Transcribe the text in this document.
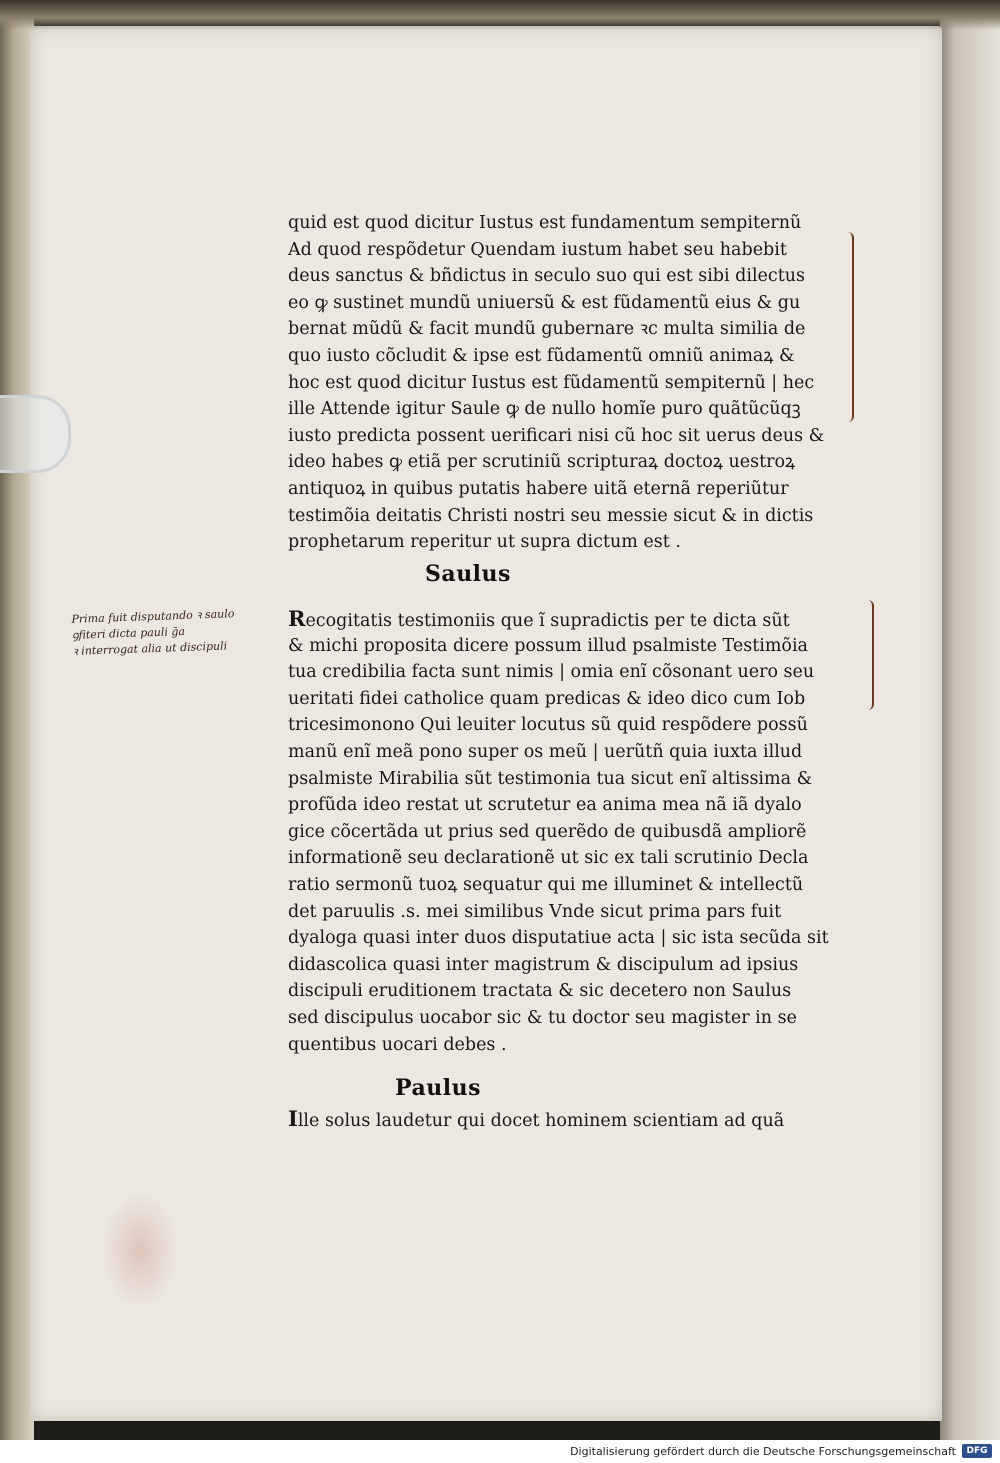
Prima fuit disputando ꝛ saulo
ꝯfiteri dicta pauli ḡa
ꝛ interrogat alia ut discipuli
quid est quod dicitur Iustus est fundamentum sempiternũ
Ad quod respõdetur Quendam iustum habet seu habebit
deus sanctus & bñdictus in seculo suo qui est sibi dilectus
eo ꝙ sustinet mundũ uniuersũ & est fũdamentũ eius & gu
bernat mũdũ & facit mundũ gubernare ꝛc multa similia de
quo iusto cõcludit & ipse est fũdamentũ omniũ animaꝝ &
hoc est quod dicitur Iustus est fũdamentũ sempiternũ | hec
ille Attende igitur Saule ꝙ de nullo homĩe puro quãtũcũqꝫ
iusto predicta possent uerificari nisi cũ hoc sit uerus deus &
ideo habes ꝙ etiã per scrutiniũ scripturaꝝ doctoꝝ uestroꝝ
antiquoꝝ in quibus putatis habere uitã eternã reperiũtur
testimõia deitatis Christi nostri seu messie sicut & in dictis
prophetarum reperitur ut supra dictum est .
Saulus
Recogitatis testimoniis que ĩ supradictis per te dicta sũt
& michi proposita dicere possum illud psalmiste Testimõia
tua credibilia facta sunt nimis | omia enĩ cõsonant uero seu
ueritati fidei catholice quam predicas & ideo dico cum Iob
tricesimonono Qui leuiter locutus sũ quid respõdere possũ
manũ enĩ meã pono super os meũ | uerũtñ quia iuxta illud
psalmiste Mirabilia sũt testimonia tua sicut enĩ altissima &
profũda ideo restat ut scrutetur ea anima mea nã iã dyalo
gice cõcertãda ut prius sed querẽdo de quibusdã ampliorẽ
informationẽ seu declarationẽ ut sic ex tali scrutinio Decla
ratio sermonũ tuoꝝ sequatur qui me illuminet & intellectũ
det paruulis .s. mei similibus Vnde sicut prima pars fuit
dyaloga quasi inter duos disputatiue acta | sic ista secũda sit
didascolica quasi inter magistrum & discipulum ad ipsius
discipuli eruditionem tractata & sic decetero non Saulus
sed discipulus uocabor sic & tu doctor seu magister in se
quentibus uocari debes .
Paulus
Ille solus laudetur qui docet hominem scientiam ad quã
Digitalisierung gefördert durch die Deutsche Forschungsgemeinschaft	DFG
